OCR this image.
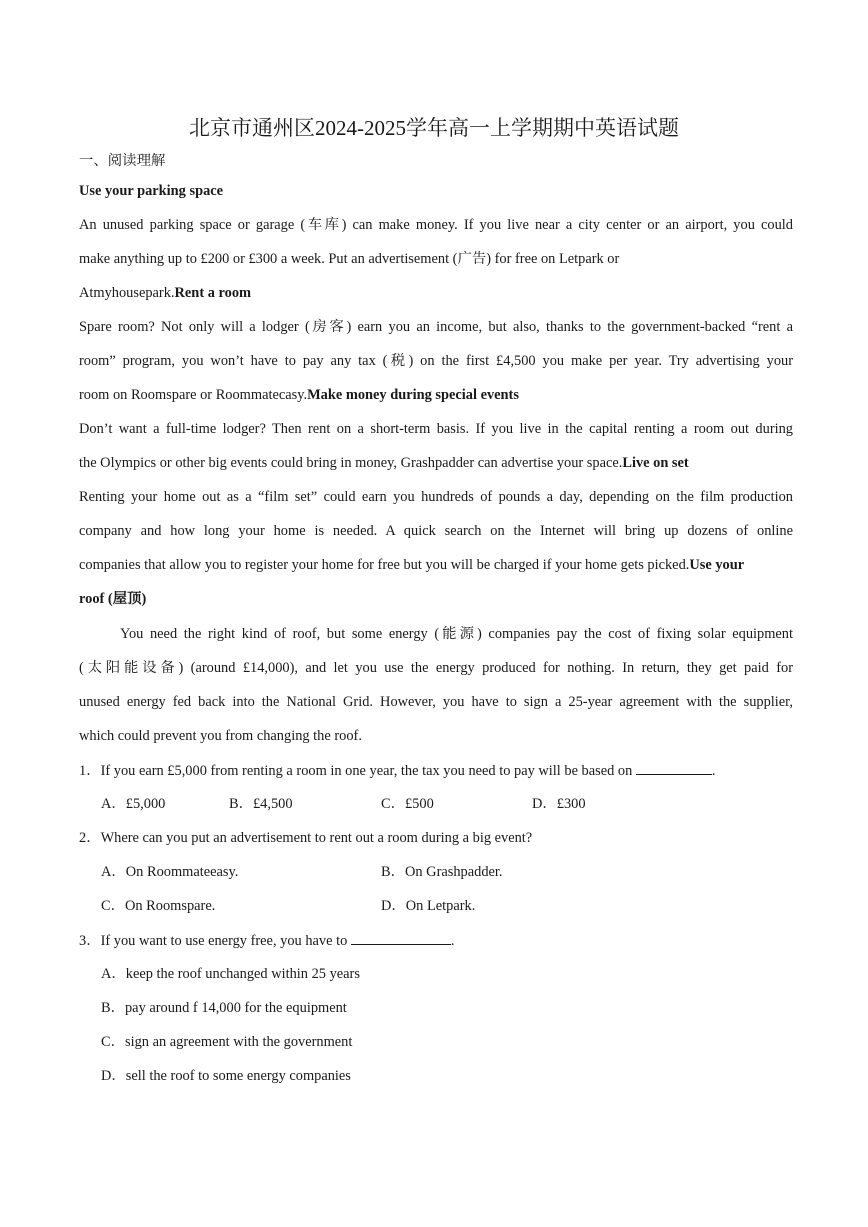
北京市通州区2024-2025学年高一上学期期中英语试题
一、阅读理解
Use your parking space
An unused parking space or garage (车库) can make money. If you live near a city center or an airport, you could
make anything up to £200 or £300 a week. Put an advertisement (广告) for free on Letpark or
Atmyhousepark.Rent a room
Spare room? Not only will a lodger (房客) earn you an income, but also, thanks to the government-backed “rent a
room” program, you won’t have to pay any tax (税) on the first £4,500 you make per year. Try advertising your
room on Roomspare or Roommatecasy.Make money during special events
Don’t want a full-time lodger? Then rent on a short-term basis. If you live in the capital renting a room out during
the Olympics or other big events could bring in money, Grashpadder can advertise your space.Live on set
Renting your home out as a “film set” could earn you hundreds of pounds a day, depending on the film production
company and how long your home is needed. A quick search on the Internet will bring up dozens of online
companies that allow you to register your home for free but you will be charged if your home gets picked.Use your
roof (屋顶)
You need the right kind of roof, but some energy (能源) companies pay the cost of fixing solar equipment
(太阳能设备) (around £14,000), and let you use the energy produced for nothing. In return, they get paid for
unused energy fed back into the National Grid. However, you have to sign a 25-year agreement with the supplier,
which could prevent you from changing the roof.
1．If you earn £5,000 from renting a room in one year, the tax you need to pay will be based on	.
A．£5,000	B．£4,500	C．£500	D．£300
2．Where can you put an advertisement to rent out a room during a big event?
A．On Roommateeasy.	B．On Grashpadder.
C．On Roomspare.	D．On Letpark.
3．If you want to use energy free, you have to	.
A．keep the roof unchanged within 25 years
B．pay around f 14,000 for the equipment
C．sign an agreement with the government
D．sell the roof to some energy companies
